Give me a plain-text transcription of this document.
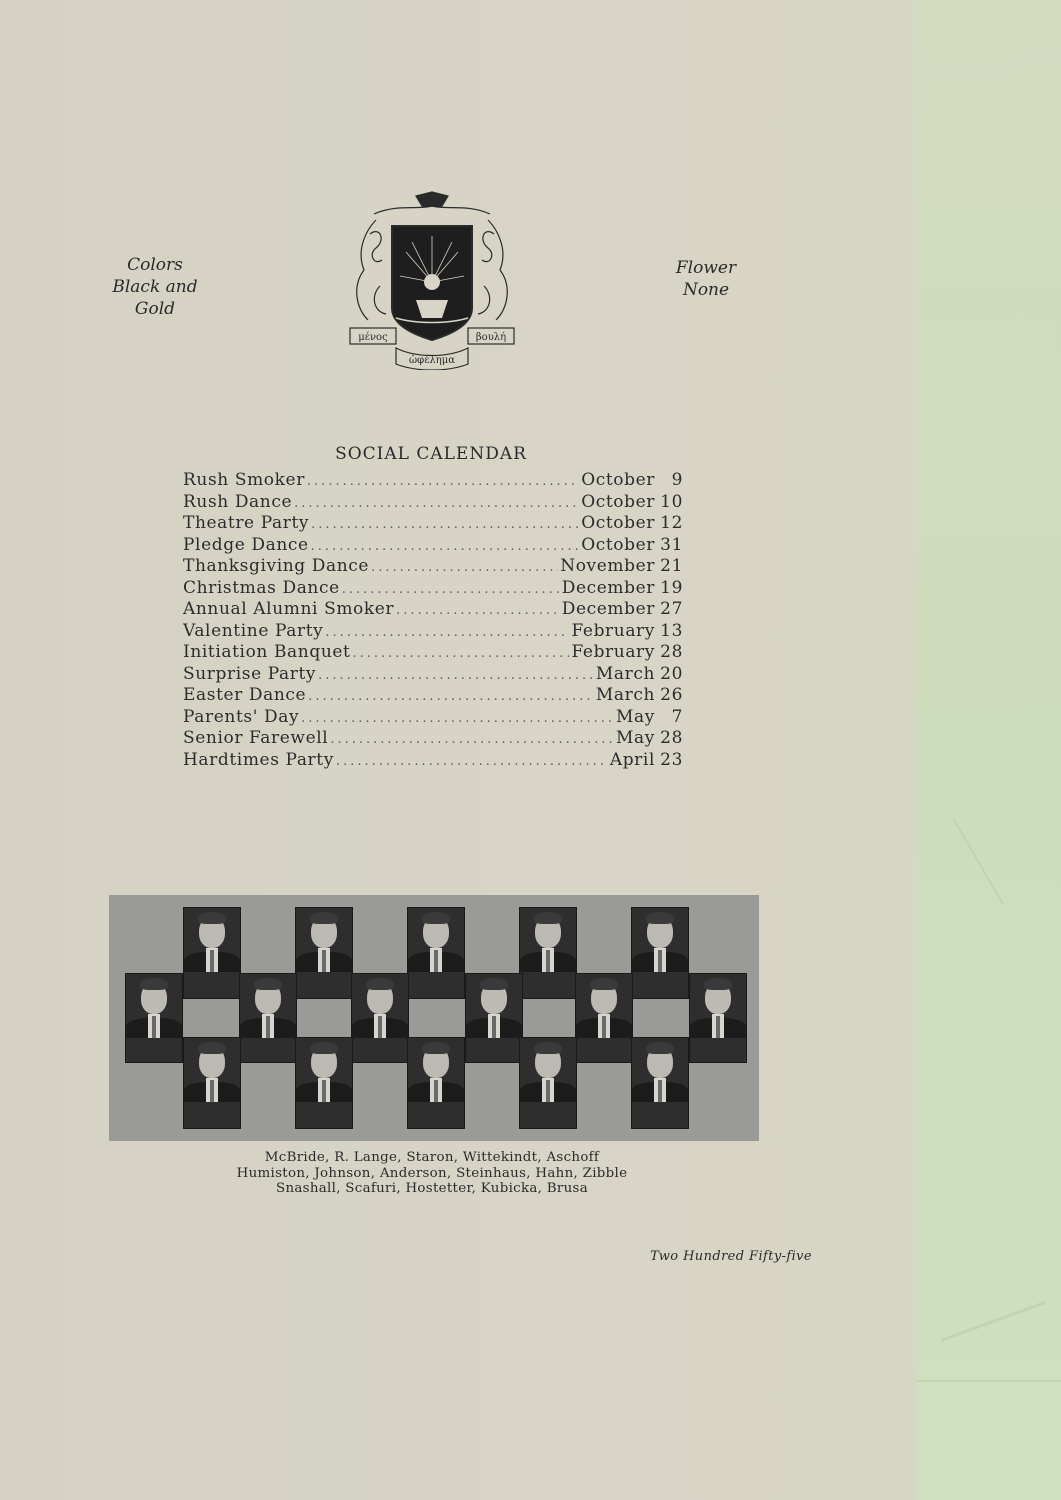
Colors
Black and Gold
Flower
None
μένος	βουλή
ὠφέλημα
SOCIAL CALENDAR
Rush Smoker .....	October 9
Rush Dance .....	October 10
Theatre Party .....	October 12
Pledge Dance .....	October 31
Thanksgiving Dance .....	November 21
Christmas Dance .....	December 19
Annual Alumni Smoker .....	December 27
Valentine Party .....	February 13
Initiation Banquet .....	February 28
Surprise Party .....	March 20
Easter Dance .....	March 26
Parents' Day .....	May 7
Senior Farewell .....	May 28
Hardtimes Party .....	April 23
McBride, R. Lange, Staron, Wittekindt, Aschoff
Humiston, Johnson, Anderson, Steinhaus, Hahn, Zibble
Snashall, Scafuri, Hostetter, Kubicka, Brusa
Two Hundred Fifty-five
